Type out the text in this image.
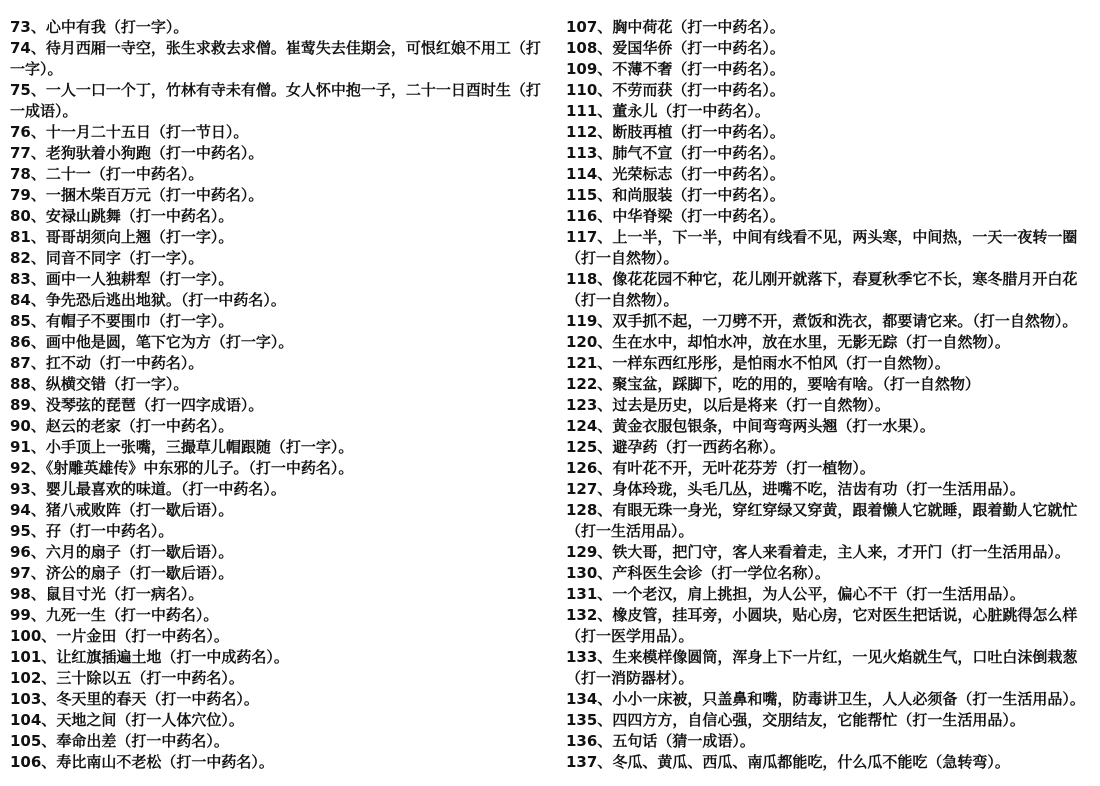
73、心中有我（打一字）。

74、待月西厢一寺空，张生求救去求僧。崔莺失去佳期会，可恨红娘不用工（打一字）。

75、一人一口一个丁，竹林有寺未有僧。女人怀中抱一子，二十一日酉时生（打一成语）。

76、十一月二十五日（打一节日）。

77、老狗驮着小狗跑（打一中药名）。

78、二十一（打一中药名）。

79、一捆木柴百万元（打一中药名）。

80、安禄山跳舞（打一中药名）。

81、哥哥胡须向上翘（打一字）。

82、同音不同字（打一字）。

83、画中一人独耕犁（打一字）。

84、争先恐后逃出地狱。（打一中药名）。

85、有帽子不要围巾（打一字）。

86、画中他是圆，笔下它为方（打一字）。

87、扛不动（打一中药名）。

88、纵横交错（打一字）。

89、没琴弦的琵琶（打一四字成语）。

90、赵云的老家（打一中药名）。

91、小手顶上一张嘴，三撮草儿帽跟随（打一字）。

92、《射雕英雄传》中东邪的儿子。（打一中药名）。

93、婴儿最喜欢的味道。（打一中药名）。

94、猪八戒败阵（打一歇后语）。

95、孖（打一中药名）。

96、六月的扇子（打一歇后语）。

97、济公的扇子（打一歇后语）。

98、鼠目寸光（打一病名）。

99、九死一生（打一中药名）。

100、一片金田（打一中药名）。

101、让红旗插遍土地（打一中成药名）。

102、三十除以五（打一中药名）。

103、冬天里的春天（打一中药名）。

104、天地之间（打一人体穴位）。

105、奉命出差（打一中药名）。

106、寿比南山不老松（打一中药名）。

107、胸中荷花（打一中药名）。

108、爱国华侨（打一中药名）。

109、不薄不奢（打一中药名）。

110、不劳而获（打一中药名）。

111、董永儿（打一中药名）。

112、断肢再植（打一中药名）。

113、肺气不宣（打一中药名）。

114、光荣标志（打一中药名）。

115、和尚服装（打一中药名）。

116、中华脊梁（打一中药名）。

117、上一半，下一半，中间有线看不见，两头寒，中间热，一天一夜转一圈（打一自然物）。

118、像花花园不种它，花儿刚开就落下，春夏秋季它不长，寒冬腊月开白花（打一自然物）。

119、双手抓不起，一刀劈不开，煮饭和洗衣，都要请它来。（打一自然物）。

120、生在水中，却怕水冲，放在水里，无影无踪（打一自然物）。

121、一样东西红彤彤，是怕雨水不怕风（打一自然物）。

122、聚宝盆，踩脚下，吃的用的，要啥有啥。（打一自然物）

123、过去是历史，以后是将来（打一自然物）。

124、黄金衣服包银条，中间弯弯两头翘（打一水果）。

125、避孕药（打一西药名称）。

126、有叶花不开，无叶花芬芳（打一植物）。

127、身体玲珑，头毛几丛，进嘴不吃，洁齿有功（打一生活用品）。

128、有眼无珠一身光，穿红穿绿又穿黄，跟着懒人它就睡，跟着勤人它就忙（打一生活用品）。

129、铁大哥，把门守，客人来看着走，主人来，才开门（打一生活用品）。

130、产科医生会诊（打一学位名称）。

131、一个老汉，肩上挑担，为人公平，偏心不干（打一生活用品）。

132、橡皮管，挂耳旁，小圆块，贴心房，它对医生把话说，心脏跳得怎么样（打一医学用品）。

133、生来模样像圆筒，浑身上下一片红，一见火焰就生气，口吐白沫倒栽葱（打一消防器材）。

134、小小一床被，只盖鼻和嘴，防毒讲卫生，人人必须备（打一生活用品）。

135、四四方方，自信心强，交朋结友，它能帮忙（打一生活用品）。

136、五句话（猜一成语）。

137、冬瓜、黄瓜、西瓜、南瓜都能吃，什么瓜不能吃（急转弯）。
